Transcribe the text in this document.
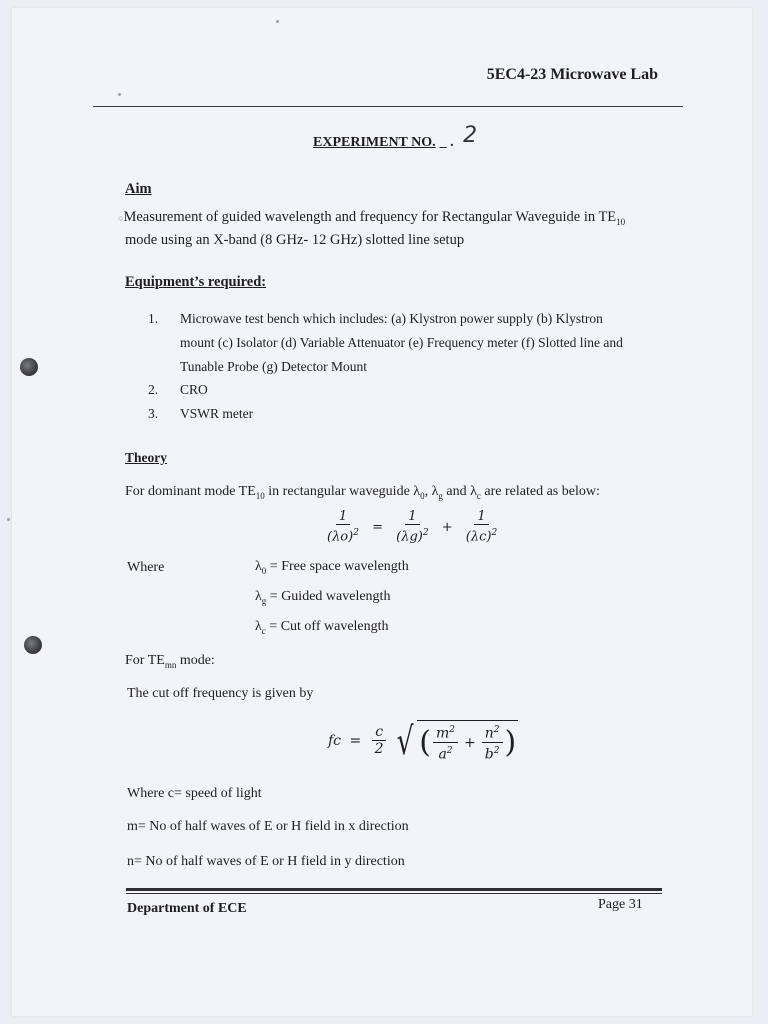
5EC4-23 Microwave Lab
EXPERIMENT NO. _ . 2
Aim
○Measurement of guided wavelength and frequency for Rectangular Waveguide in $TE_{10}$
mode using an X-band (8 GHz- 12 GHz) slotted line setup
Equipment’s required:
1. Microwave test bench which includes: (a) Klystron power supply (b) Klystron
mount (c) Isolator (d) Variable Attenuator (e) Frequency meter (f) Slotted line and
Tunable Probe (g) Detector Mount
2. CRO
3. VSWR meter
Theory
For dominant mode $TE_{10}$ in rectangular waveguide $\lambda_0$, $\lambda_g$ and $\lambda_c$ are related as below:
$\frac{1}{(\lambda o)^2} = \frac{1}{(\lambda g)^2} + \frac{1}{(\lambda c)^2}$
Where	$\lambda_0$ = Free space wavelength
$\lambda_g$ = Guided wavelength
$\lambda_c$ = Cut off wavelength
For $TE_{mn}$ mode:
The cut off frequency is given by
fc = $\frac{c}{2}$
√ ( $\frac{m^2}{a^2} + \frac{n^2}{b^2}$ )
Where c= speed of light
m= No of half waves of E or H field in x direction
n= No of half waves of E or H field in y direction
Department of ECE	Page 31
